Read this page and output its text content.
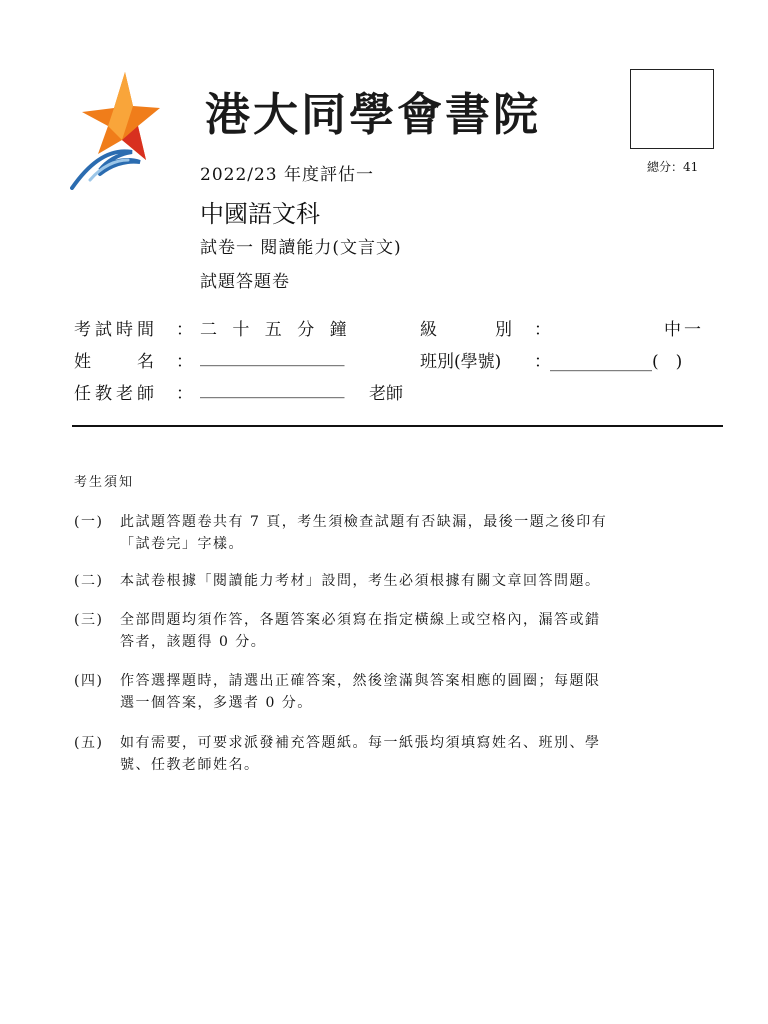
港大同學會書院
總分：41
2022/23 年度評估一
中國語文科
試卷一 閱讀能力(文言文)
試題答題卷
考試時間 ： 二 十 五 分 鐘	級　　別 ：	中一
姓　　名 ： _________________	班別(學號) ： ____________(　)
任教老師 ： _________________ 老師
考生須知
(一) 此試題答題卷共有 7 頁，考生須檢查試題有否缺漏，最後一題之後印有
「試卷完」字樣。
(二) 本試卷根據「閱讀能力考材」設問，考生必須根據有關文章回答問題。
(三) 全部問題均須作答，各題答案必須寫在指定橫線上或空格內，漏答或錯
答者，該題得 0 分。
(四) 作答選擇題時，請選出正確答案，然後塗滿與答案相應的圓圈；每題限
選一個答案，多選者 0 分。
(五) 如有需要，可要求派發補充答題紙。每一紙張均須填寫姓名、班別、學
號、任教老師姓名。
